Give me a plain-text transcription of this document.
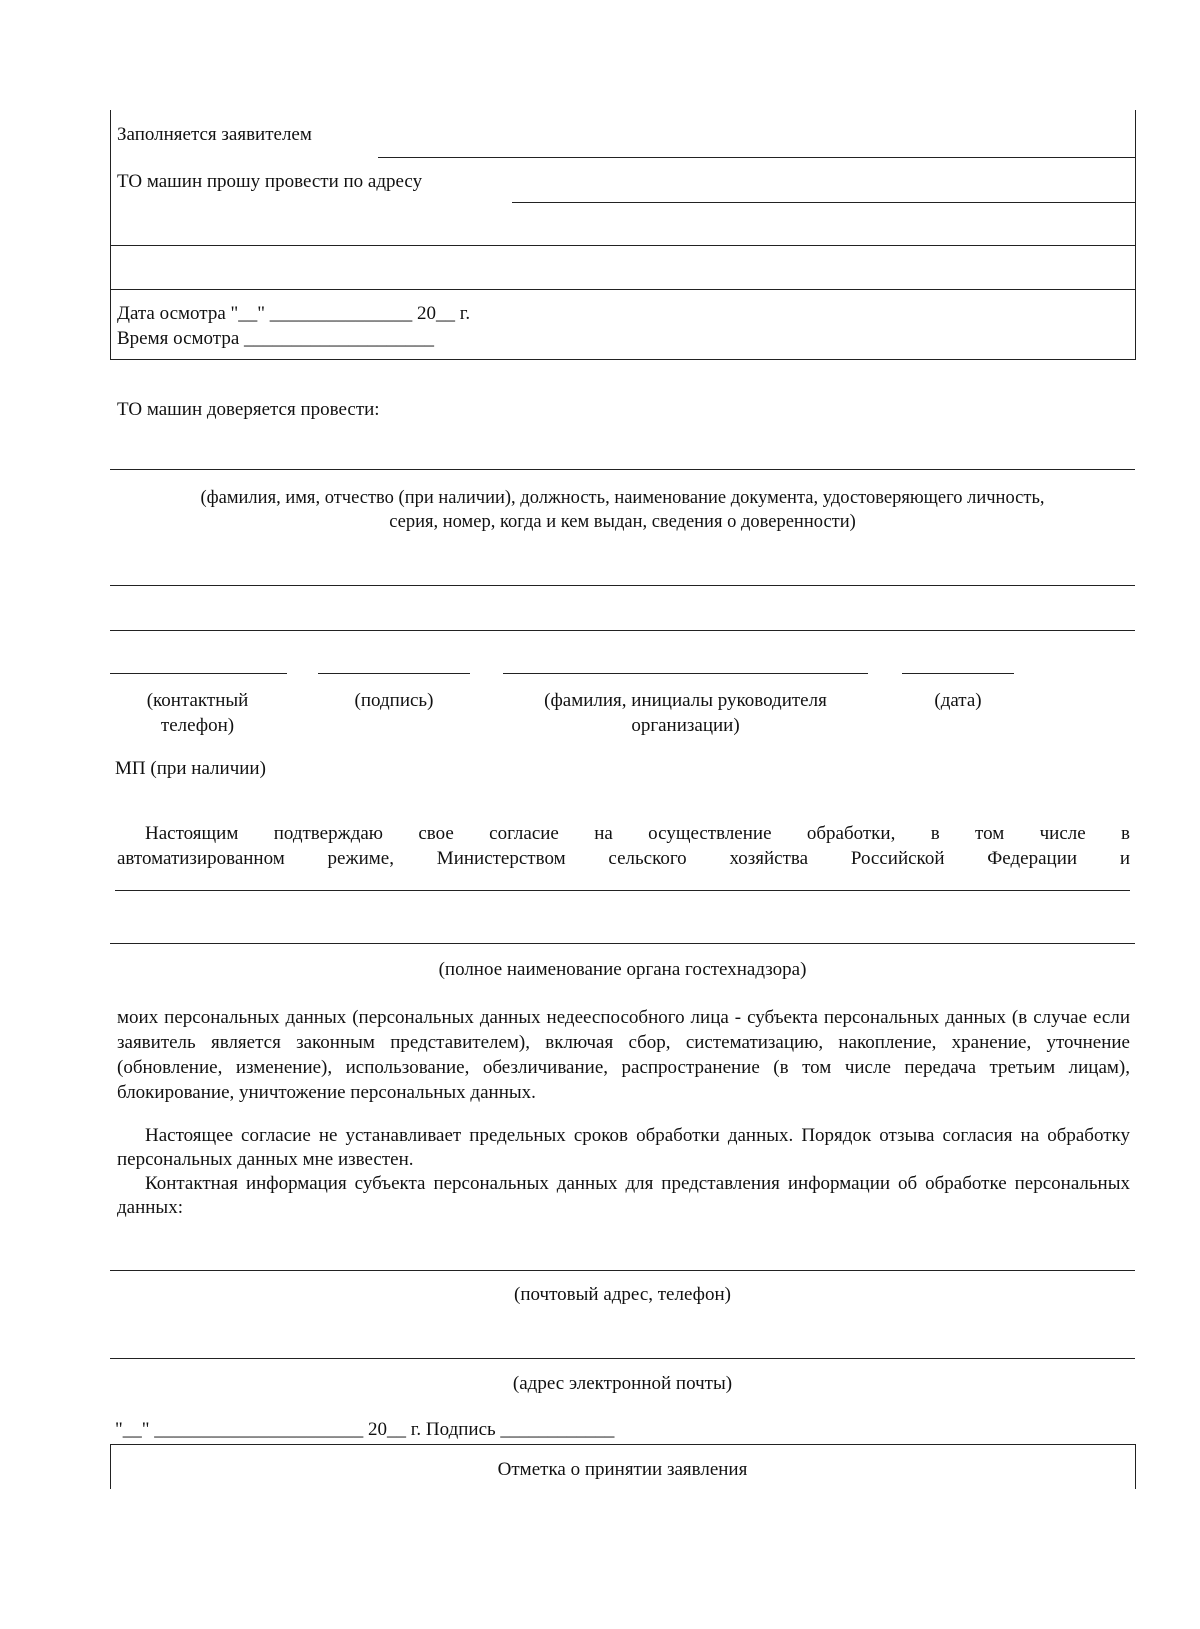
Заполняется заявителем
ТО машин прошу провести по адресу
Дата осмотра "__" _______________ 20__ г.
Время осмотра ____________________
ТО машин доверяется провести:
(фамилия, имя, отчество (при наличии), должность, наименование документа, удостоверяющего личность,
серия, номер, когда и кем выдан, сведения о доверенности)
(контактный
телефон)
(подпись)	(фамилия, инициалы руководителя
организации)
(дата)
МП (при наличии)
Настоящим подтверждаю свое согласие на осуществление обработки, в том числе в
автоматизированном режиме, Министерством сельского хозяйства Российской Федерации и
(полное наименование органа гостехнадзора)
моих персональных данных (персональных данных недееспособного лица - субъекта персональных данных (в случае если заявитель является законным представителем), включая сбор, систематизацию, накопление, хранение, уточнение (обновление, изменение), использование, обезличивание, распространение (в том числе передача третьим лицам), блокирование, уничтожение персональных данных.
Настоящее согласие не устанавливает предельных сроков обработки данных. Порядок отзыва согласия на обработку персональных данных мне известен.
Контактная информация субъекта персональных данных для представления информации об обработке персональных данных:
(почтовый адрес, телефон)
(адрес электронной почты)
"__" ______________________ 20__ г. Подпись ____________
Отметка о принятии заявления
